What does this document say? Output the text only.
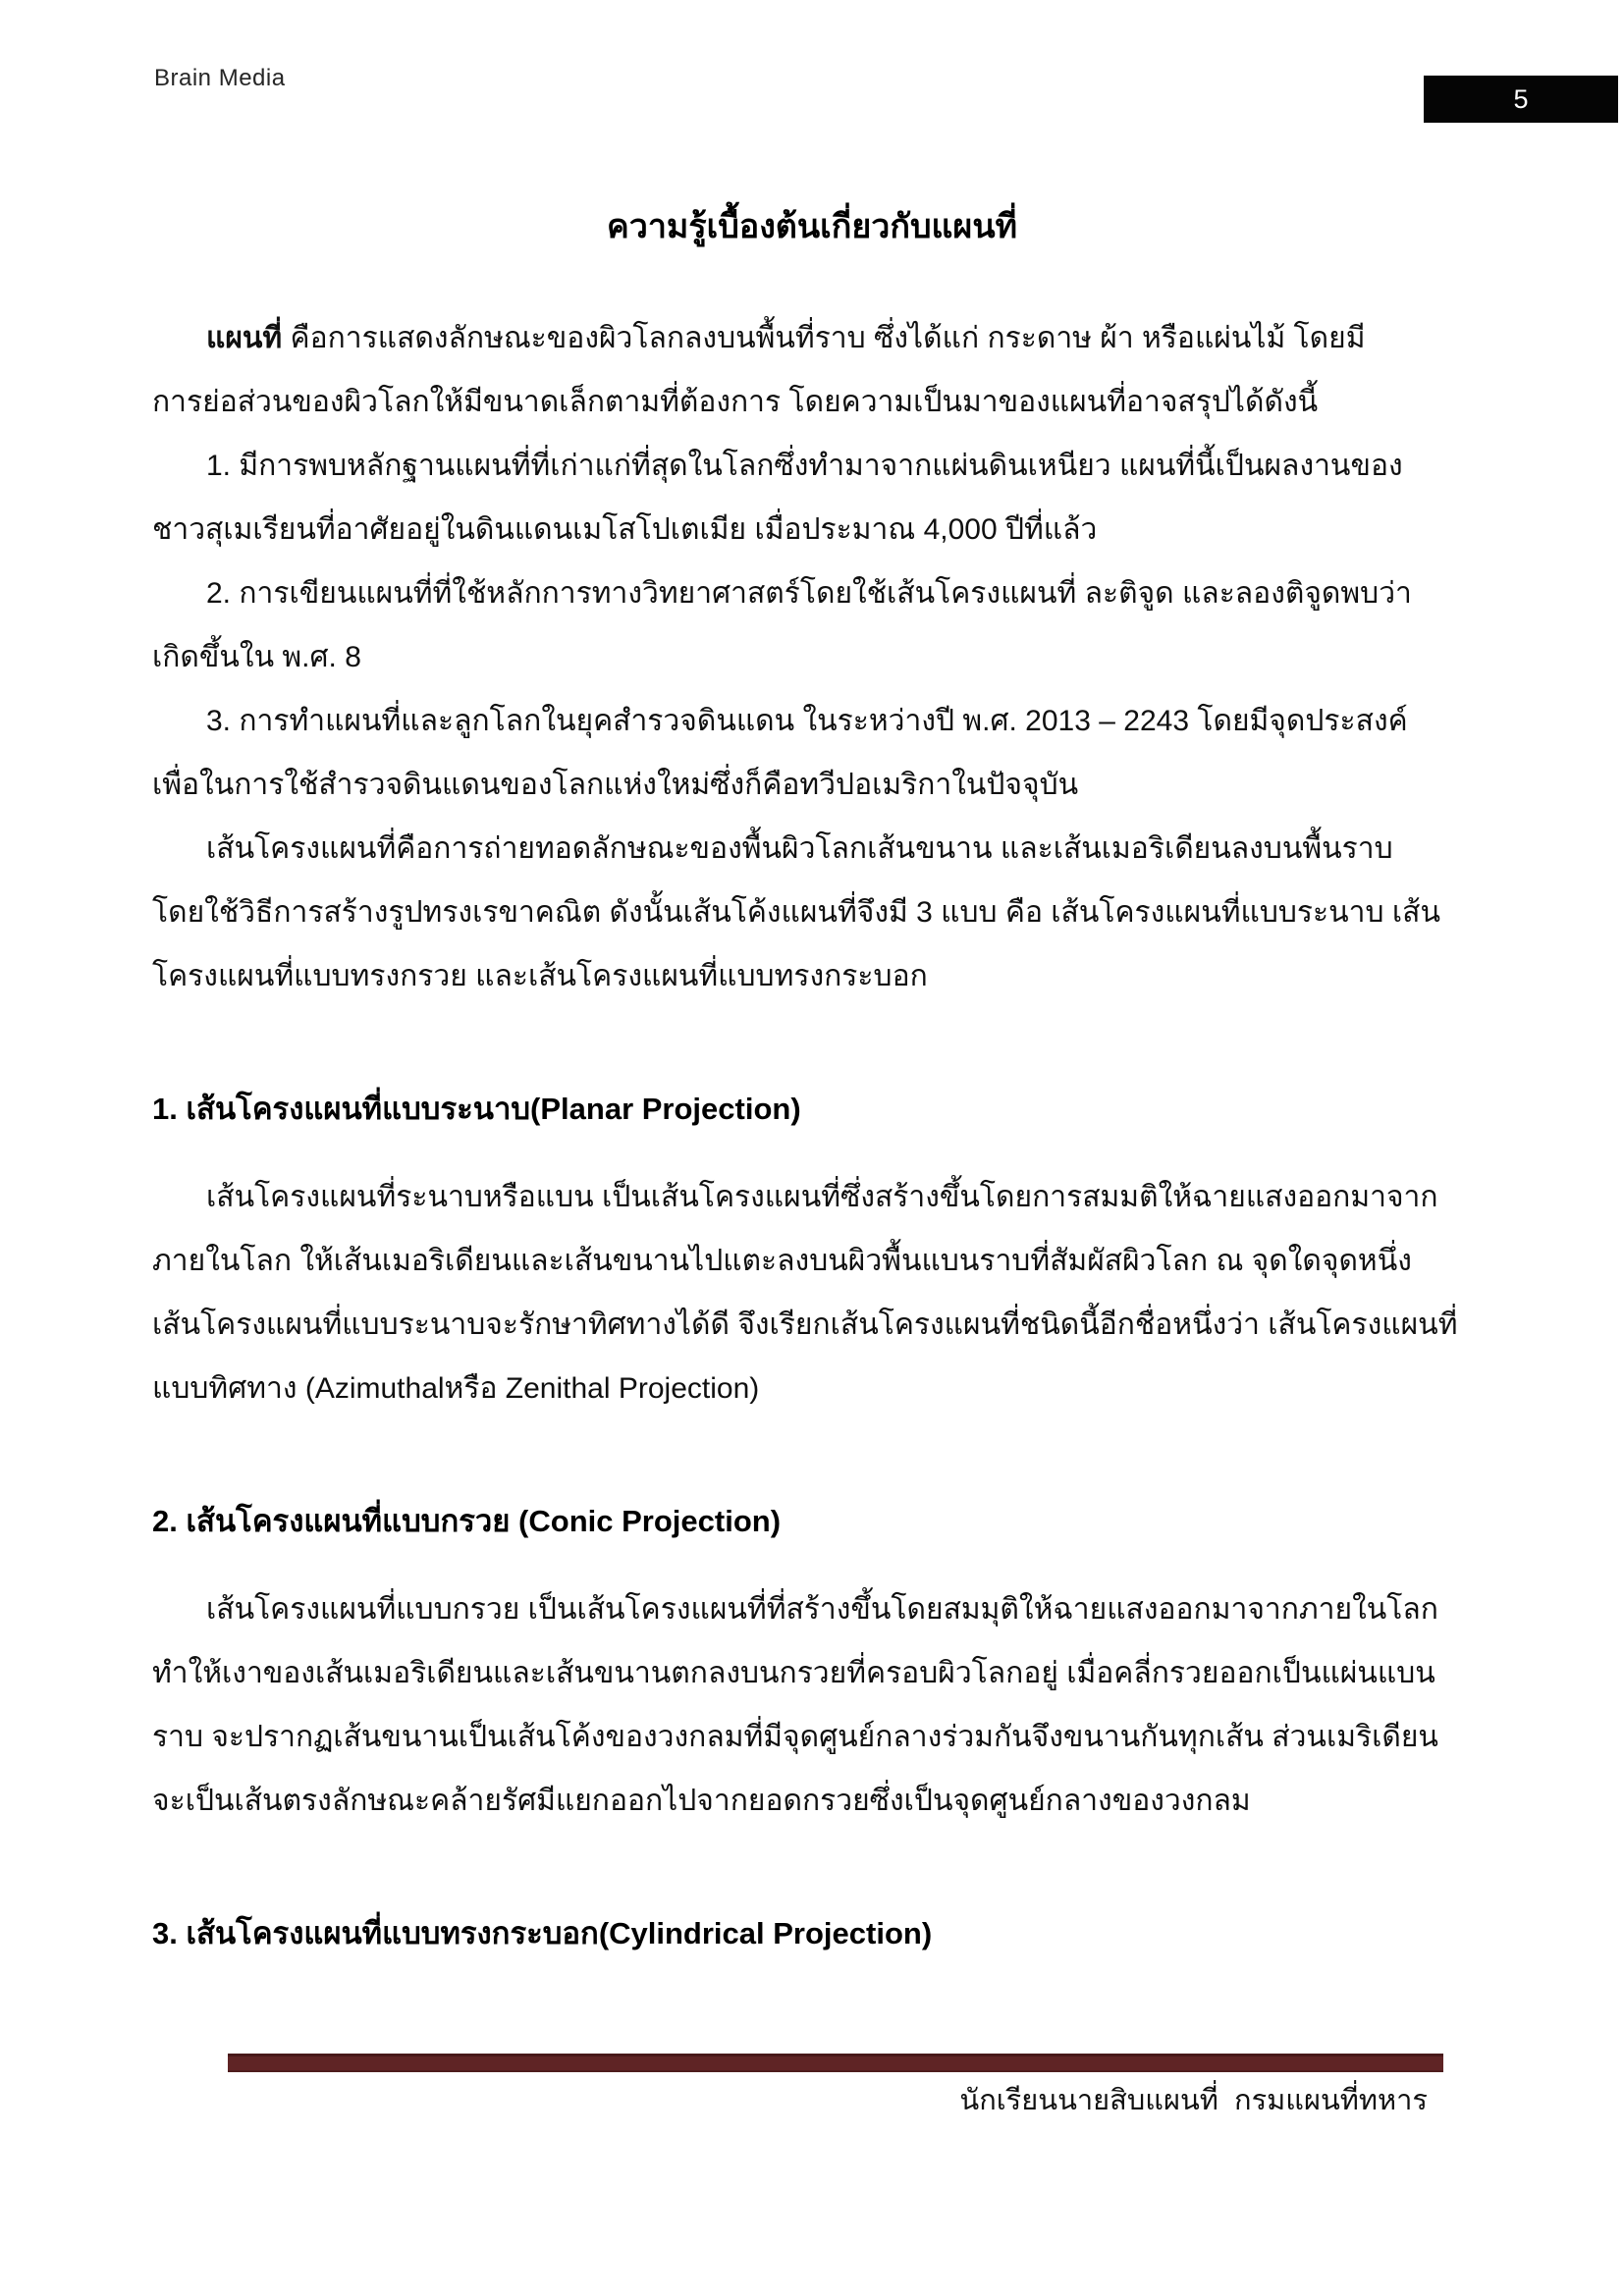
Brain Media
5
ความรู้เบื้องต้นเกี่ยวกับแผนที่
แผนที่ คือการแสดงลักษณะของผิวโลกลงบนพื้นที่ราบ ซึ่งได้แก่ กระดาษ ผ้า หรือแผ่นไม้ โดยมี
การย่อส่วนของผิวโลกให้มีขนาดเล็กตามที่ต้องการ โดยความเป็นมาของแผนที่อาจสรุปได้ดังนี้
1. มีการพบหลักฐานแผนที่ที่เก่าแก่ที่สุดในโลกซึ่งทำมาจากแผ่นดินเหนียว แผนที่นี้เป็นผลงานของ
ชาวสุเมเรียนที่อาศัยอยู่ในดินแดนเมโสโปเตเมีย เมื่อประมาณ 4,000 ปีที่แล้ว
2. การเขียนแผนที่ที่ใช้หลักการทางวิทยาศาสตร์โดยใช้เส้นโครงแผนที่ ละติจูด และลองติจูดพบว่า
เกิดขึ้นใน พ.ศ. 8
3. การทำแผนที่และลูกโลกในยุคสำรวจดินแดน ในระหว่างปี พ.ศ. 2013 – 2243 โดยมีจุดประสงค์
เพื่อในการใช้สำรวจดินแดนของโลกแห่งใหม่ซึ่งก็คือทวีปอเมริกาในปัจจุบัน
เส้นโครงแผนที่คือการถ่ายทอดลักษณะของพื้นผิวโลกเส้นขนาน และเส้นเมอริเดียนลงบนพื้นราบ
โดยใช้วิธีการสร้างรูปทรงเรขาคณิต ดังนั้นเส้นโค้งแผนที่จึงมี 3 แบบ คือ เส้นโครงแผนที่แบบระนาบ เส้น
โครงแผนที่แบบทรงกรวย และเส้นโครงแผนที่แบบทรงกระบอก
1. เส้นโครงแผนที่แบบระนาบ(Planar Projection)
เส้นโครงแผนที่ระนาบหรือแบน เป็นเส้นโครงแผนที่ซึ่งสร้างขึ้นโดยการสมมติให้ฉายแสงออกมาจาก
ภายในโลก ให้เส้นเมอริเดียนและเส้นขนานไปแตะลงบนผิวพื้นแบนราบที่สัมผัสผิวโลก ณ จุดใดจุดหนึ่ง
เส้นโครงแผนที่แบบระนาบจะรักษาทิศทางได้ดี จึงเรียกเส้นโครงแผนที่ชนิดนี้อีกชื่อหนึ่งว่า เส้นโครงแผนที่
แบบทิศทาง (Azimuthalหรือ Zenithal Projection)
2. เส้นโครงแผนที่แบบกรวย (Conic Projection)
เส้นโครงแผนที่แบบกรวย เป็นเส้นโครงแผนที่ที่สร้างขึ้นโดยสมมุติให้ฉายแสงออกมาจากภายในโลก
ทำให้เงาของเส้นเมอริเดียนและเส้นขนานตกลงบนกรวยที่ครอบผิวโลกอยู่ เมื่อคลี่กรวยออกเป็นแผ่นแบน
ราบ จะปรากฏเส้นขนานเป็นเส้นโค้งของวงกลมที่มีจุดศูนย์กลางร่วมกันจึงขนานกันทุกเส้น ส่วนเมริเดียน
จะเป็นเส้นตรงลักษณะคล้ายรัศมีแยกออกไปจากยอดกรวยซึ่งเป็นจุดศูนย์กลางของวงกลม
3. เส้นโครงแผนที่แบบทรงกระบอก(Cylindrical Projection)
นักเรียนนายสิบแผนที่  กรมแผนที่ทหาร
